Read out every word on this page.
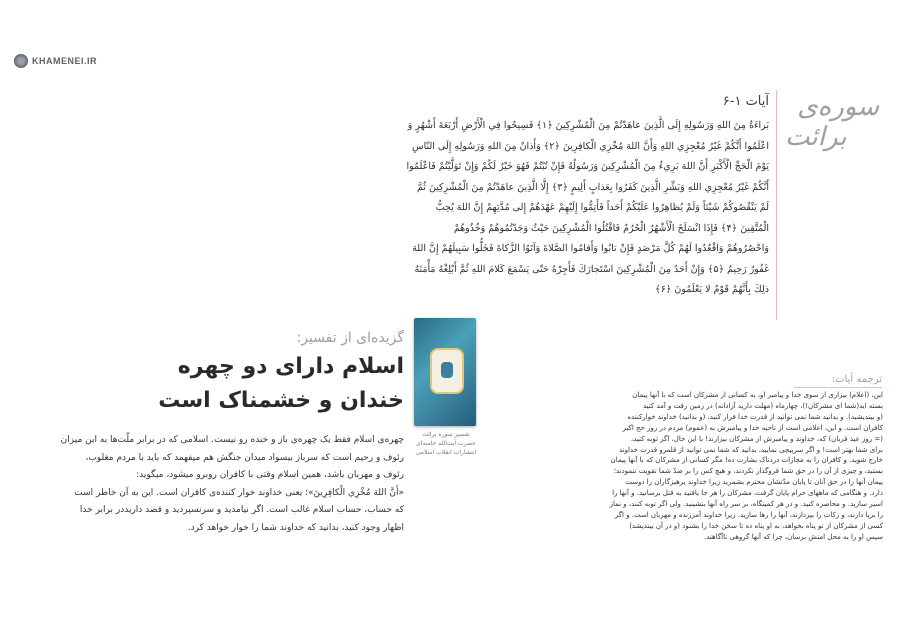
KHAMENEI.IR
سوره‌ی
برائت
آیات ۱-۶
بَراءَةٌ مِنَ اللهِ وَرَسُولِهِ إِلَى الَّذِينَ عاهَدْتُمْ مِنَ الْمُشْرِكِينَ ﴿۱﴾ فَسِيحُوا فِي الْأَرْضِ أَرْبَعَةَ أَشْهُرٍ وَ
اعْلَمُوا أَنَّكُمْ غَيْرُ مُعْجِزِي اللهِ وَأَنَّ اللهَ مُخْزِي الْكافِرِينَ ﴿۲﴾ وَأَذانٌ مِنَ اللهِ وَرَسُولِهِ إِلَى النّاسِ
يَوْمَ الْحَجِّ الْأَكْبَرِ أَنَّ اللهَ بَرِيءٌ مِنَ الْمُشْرِكِينَ وَرَسُولُهُ فَإِنْ تُبْتُمْ فَهُوَ خَيْرٌ لَكُمْ وَإِنْ تَوَلَّيْتُمْ فَاعْلَمُوا
أَنَّكُمْ غَيْرُ مُعْجِزِي اللهِ وَبَشِّرِ الَّذِينَ كَفَرُوا بِعَذابٍ أَلِيمٍ ﴿۳﴾ إِلَّا الَّذِينَ عاهَدْتُمْ مِنَ الْمُشْرِكِينَ ثُمَّ
لَمْ يَنْقُصُوكُمْ شَيْئاً وَلَمْ يُظاهِرُوا عَلَيْكُمْ أَحَداً فَأَتِمُّوا إِلَيْهِمْ عَهْدَهُمْ إِلى مُدَّتِهِمْ إِنَّ اللهَ يُحِبُّ
الْمُتَّقِينَ ﴿۴﴾ فَإِذَا انْسَلَخَ الْأَشْهُرُ الْحُرُمُ فَاقْتُلُوا الْمُشْرِكِينَ حَيْثُ وَجَدْتُمُوهُمْ وَخُذُوهُمْ
وَاحْصُرُوهُمْ وَاقْعُدُوا لَهُمْ كُلَّ مَرْصَدٍ فَإِنْ تابُوا وَأَقامُوا الصَّلاةَ وَآتَوُا الزَّكاةَ فَخَلُّوا سَبِيلَهُمْ إِنَّ اللهَ
غَفُورٌ رَحِيمٌ ﴿۵﴾ وَإِنْ أَحَدٌ مِنَ الْمُشْرِكِينَ اسْتَجارَكَ فَأَجِرْهُ حَتّى يَسْمَعَ كَلامَ اللهِ ثُمَّ أَبْلِغْهُ مَأْمَنَهُ
ذلِكَ بِأَنَّهُمْ قَوْمٌ لا يَعْلَمُونَ ﴿۶﴾
تفسیر سوره برائت
حضرت آیت‌الله خامنه‌ای
انتشارات انقلاب اسلامی
گزیده‌ای از تفسیر:
اسلام دارای دو چهره
خندان و خشمناک است

چهره‌ی اسلام فقط یک چهره‌ی باز و خنده رو نیست. اسلامی که در برابر ملّت‌ها به این میزان

رئوف و رحیم است که سرباز بیسواد میدان جنگش هم میفهمد که باید با مردم مغلوب،

رئوف و مهربان باشد، همین اسلام وقتی با کافران روبرو میشود، میگوید:

«أَنَّ اللهَ مُخْزِي الْكافِرِينَ»؛ یعنی خداوند خوار کننده‌ی کافران است. این به آن خاطر است

که حساب، حساب اسلام غالب است. اگر نیامدید و سرنسپردید و قصد داریددر برابر خدا

اظهار وجود کنید، بدانید که خداوند شما را خوار خواهد کرد.

ترجمه آیات:

این، (اعلام) بیزاری از سوی خدا و پیامبر او، به کسانی از مشرکان است که با آنها پیمان

بسته ‌اید(شما ‌ای مشرکان!)، چهارماه (مهلت دارید آزادانه) در زمین رفت و آمد کنید

(و بیندیشید). و بدانید شما نمی‌ توانید از قدرت خدا فرار کنید، (و بدانید) خداوند خوارکننده

کافران است. و این، اعلامی است از ناحیه خدا و پیامبرش به (عموم) مردم در روز حج اکبر

(= روز عید قربان) که، خداوند و پیامبرش از مشرکان بیزارند! با این حال، اگر توبه کنید،

برای شما بهتر است! و اگر سرپیچی نمایید، بدانید که شما نمی‌ توانید از قلمرو قدرت خداوند

خارج شوید. و کافران را به مجازات دردناک بشارت ده! مگر کسانی از مشرکان که با آنها پیمان

بستید، و چیزی از آن را در حق شما فروگذار نکردند، و هیچ کس را بر ضدّ شما تقویت ننمودند؛

پیمان آنها را در حق آنان تا پایان مدّتشان محترم بشمرید زیرا خداوند پرهیزگاران را دوست

دارد. و هنگامی که ماههای حرام پایان گرفت، مشرکان را هر جا یافتید به قتل برسانید. و آنها را

اسیر سازید. و محاصره کنید. و در هر کمینگاه، بر سر راه آنها بنشینید. ولی اگر توبه کنند، و نماز

را برپا دارند، و زکات را بپردازند، آنها را رها سازید. زیرا خداوند آمرزنده و مهربان است. و اگر

کسی از مشرکان از تو پناه بخواهد، به او پناه ده تا سخن خدا را بشنود (و در آن بیندیشد)

سپس او را به محل امنش برسان، چرا که آنها گروهی ناآگاهند.
